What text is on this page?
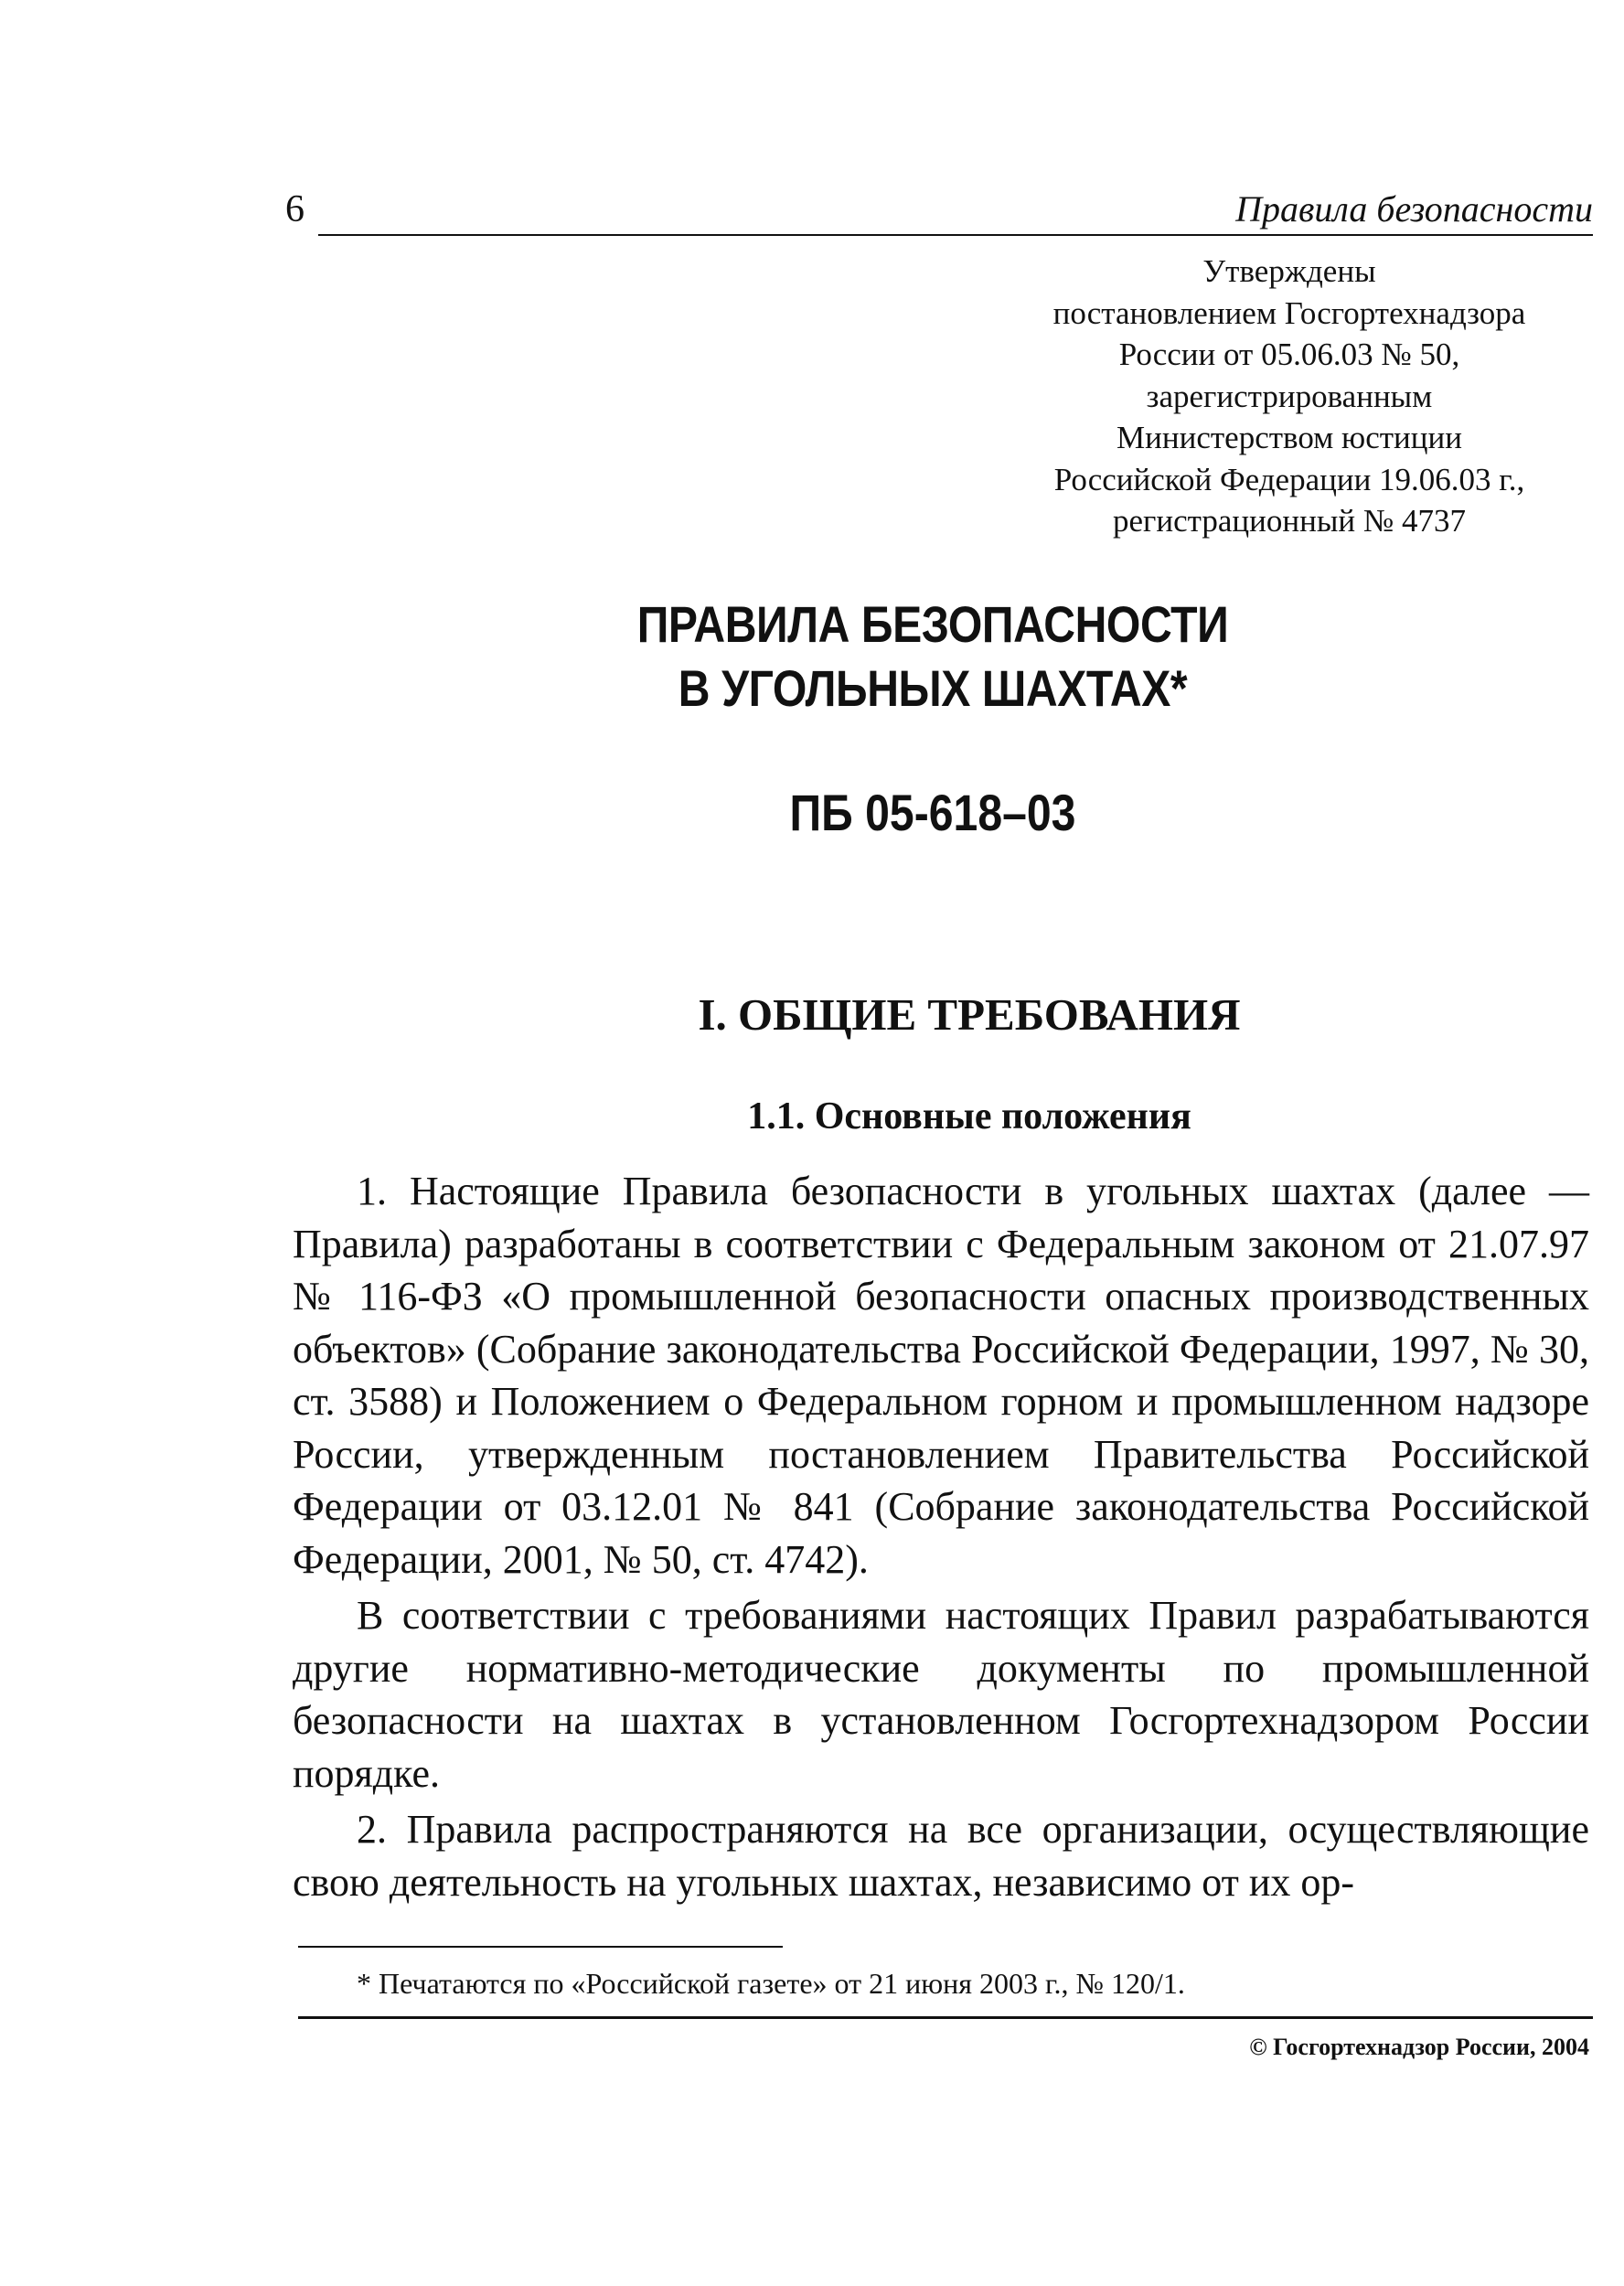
6	Правила безопасности
Утверждены
постановлением Госгортехнадзора
России от 05.06.03 № 50,
зарегистрированным
Министерством юстиции
Российской Федерации 19.06.03 г.,
регистрационный № 4737
ПРАВИЛА БЕЗОПАСНОСТИ
В УГОЛЬНЫХ ШАХТАХ*
ПБ 05-618–03
I. ОБЩИЕ ТРЕБОВАНИЯ
1.1. Основные положения

1. Настоящие Правила безопасности в угольных шахтах (далее — Правила) разработаны в соответствии с Федеральным законом от 21.07.97 № 116-ФЗ «О промышленной безопасности опасных производственных объектов» (Собрание законодательства Российской Федерации, 1997, № 30, ст. 3588) и Положением о Федеральном горном и промышленном надзоре России, утвержденным постановлением Правительства Российской Федерации от 03.12.01 № 841 (Собрание законодательства Российской Федерации, 2001, № 50, ст. 4742).

В соответствии с требованиями настоящих Правил разрабатываются другие нормативно-методические документы по промышленной безопасности на шахтах в установленном Госгортехнадзором России порядке.

2. Правила распространяются на все организации, осуществляющие свою деятельность на угольных шахтах, независимо от их ор-

* Печатаются по «Российской газете» от 21 июня 2003 г., № 120/1.
© Госгортехнадзор России, 2004
